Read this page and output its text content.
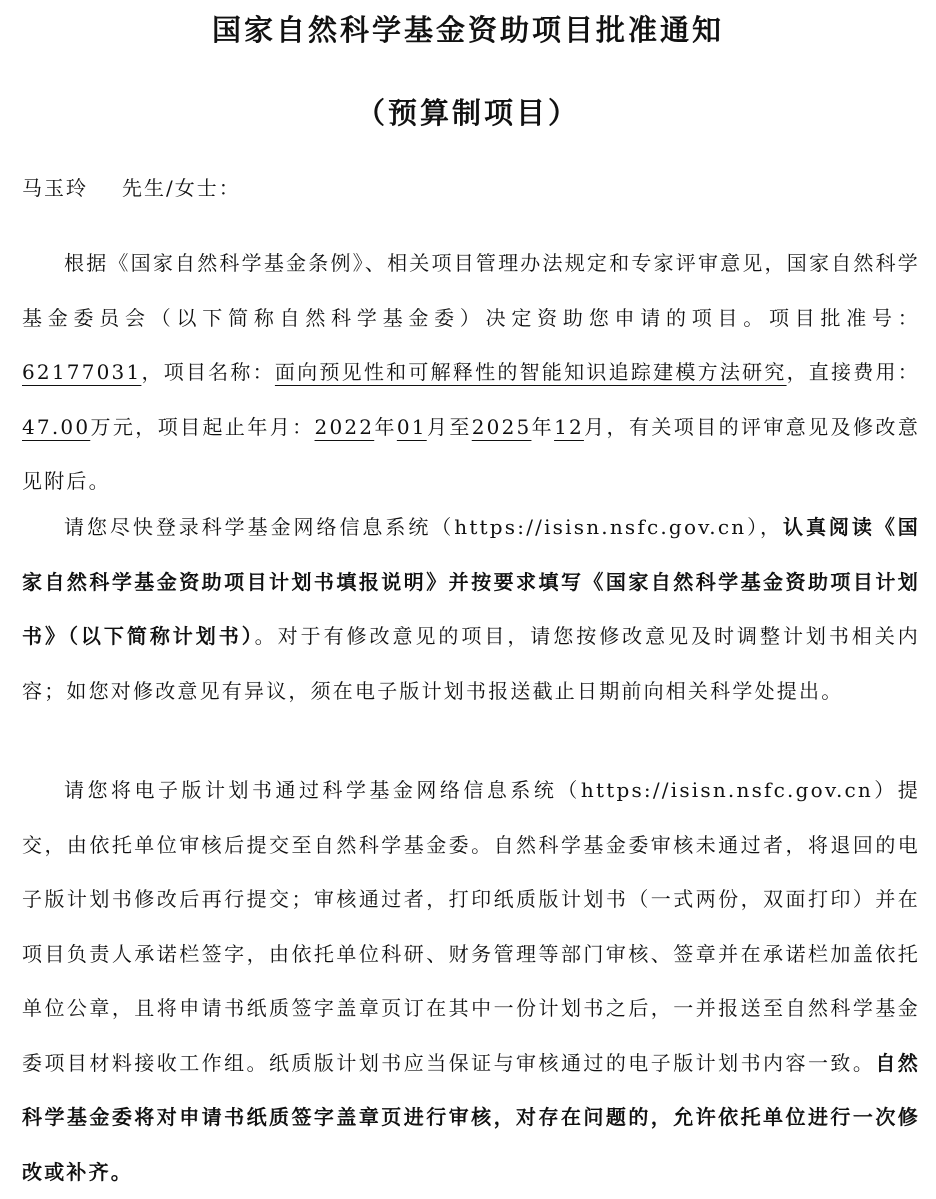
国家自然科学基金资助项目批准通知
（预算制项目）
马玉玲 先生/女士：

根据《国家自然科学基金条例》、相关项目管理办法规定和专家评审意见，国家自然科学基金委员会（以下简称自然科学基金委）决定资助您申请的项目。项目批准号：62177031，项目名称：面向预见性和可解释性的智能知识追踪建模方法研究，直接费用：47.00万元，项目起止年月：2022年01月至2025年12月，有关项目的评审意见及修改意见附后。

请您尽快登录科学基金网络信息系统（https://isisn.nsfc.gov.cn），认真阅读《国家自然科学基金资助项目计划书填报说明》并按要求填写《国家自然科学基金资助项目计划书》（以下简称计划书）。对于有修改意见的项目，请您按修改意见及时调整计划书相关内容；如您对修改意见有异议，须在电子版计划书报送截止日期前向相关科学处提出。

请您将电子版计划书通过科学基金网络信息系统（https://isisn.nsfc.gov.cn）提交，由依托单位审核后提交至自然科学基金委。自然科学基金委审核未通过者，将退回的电子版计划书修改后再行提交；审核通过者，打印纸质版计划书（一式两份，双面打印）并在项目负责人承诺栏签字，由依托单位科研、财务管理等部门审核、签章并在承诺栏加盖依托单位公章，且将申请书纸质签字盖章页订在其中一份计划书之后，一并报送至自然科学基金委项目材料接收工作组。纸质版计划书应当保证与审核通过的电子版计划书内容一致。自然科学基金委将对申请书纸质签字盖章页进行审核，对存在问题的，允许依托单位进行一次修改或补齐。
